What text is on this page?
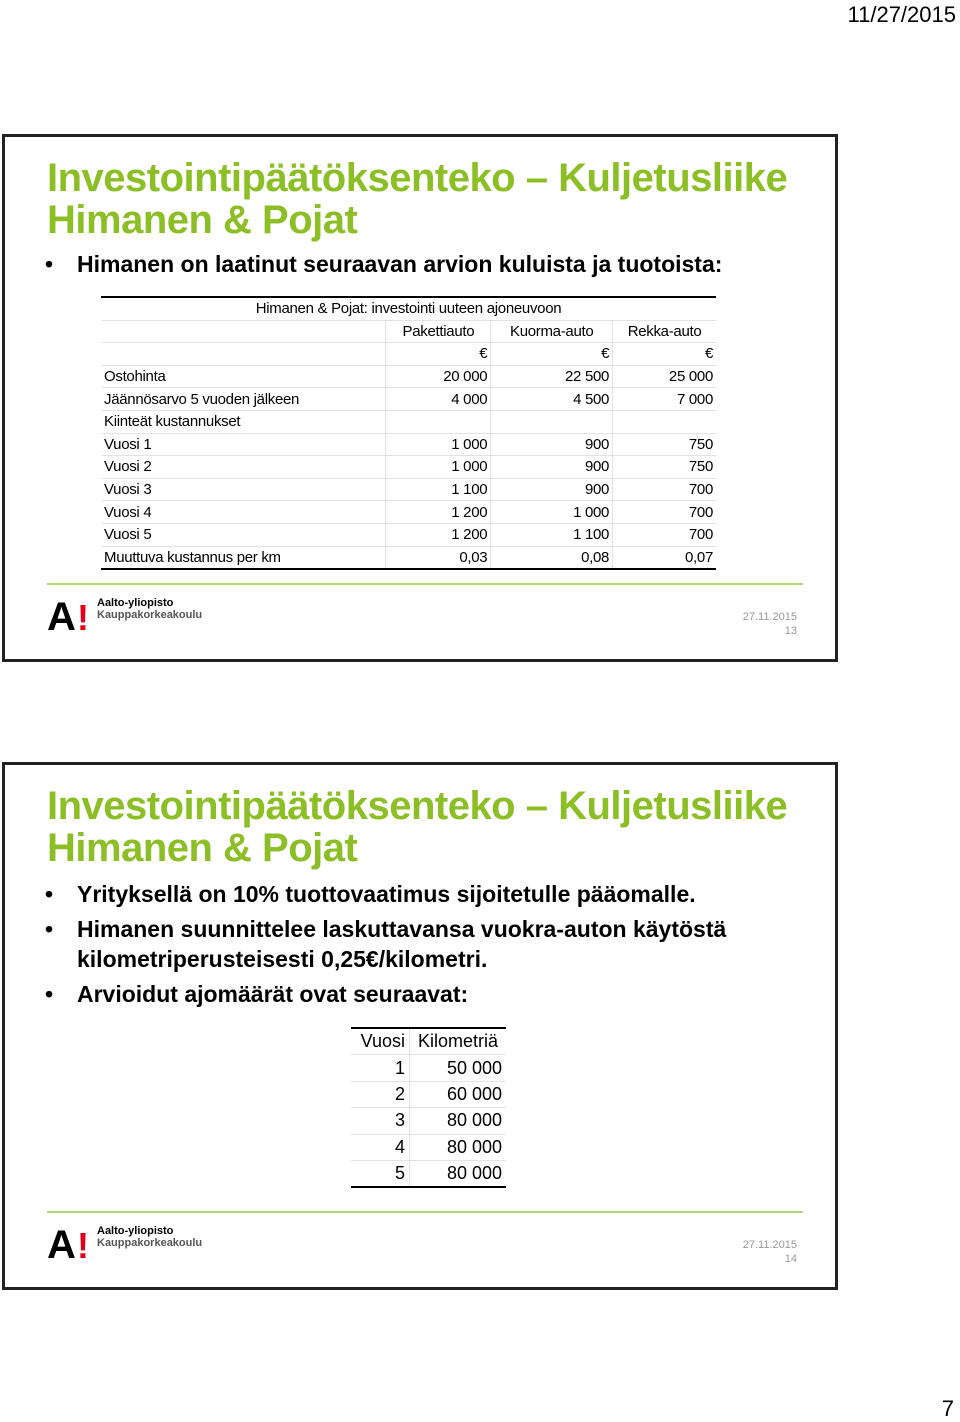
11/27/2015
Investointipäätöksenteko – Kuljetusliike Himanen & Pojat
• Himanen on laatinut seuraavan arvion kuluista ja tuotoista:
Himanen & Pojat: investointi uuteen ajoneuvoon			
	Pakettiauto	Kuorma-auto	Rekka-auto
	€	€	€
Ostohinta	20 000	22 500	25 000
Jäännösarvo 5 vuoden jälkeen	4 000	4 500	7 000
Kiinteät kustannukset			
Vuosi 1	1 000	900	750
Vuosi 2	1 000	900	750
Vuosi 3	1 100	900	700
Vuosi 4	1 200	1 000	700
Vuosi 5	1 200	1 100	700
Muuttuva kustannus per km	0,03	0,08	0,07
A ! Aalto-yliopisto
Kauppakorkeakoulu	27.11.2015
13
Investointipäätöksenteko – Kuljetusliike Himanen & Pojat
• Yrityksellä on 10% tuottovaatimus sijoitetulle pääomalle.
• Himanen suunnittelee laskuttavansa vuokra-auton käytöstä kilometriperusteisesti 0,25€/kilometri.
• Arvioidut ajomäärät ovat seuraavat:
Vuosi	Kilometriä
1	50 000
2	60 000
3	80 000
4	80 000
5	80 000
A ! Aalto-yliopisto
Kauppakorkeakoulu	27.11.2015
14
7
